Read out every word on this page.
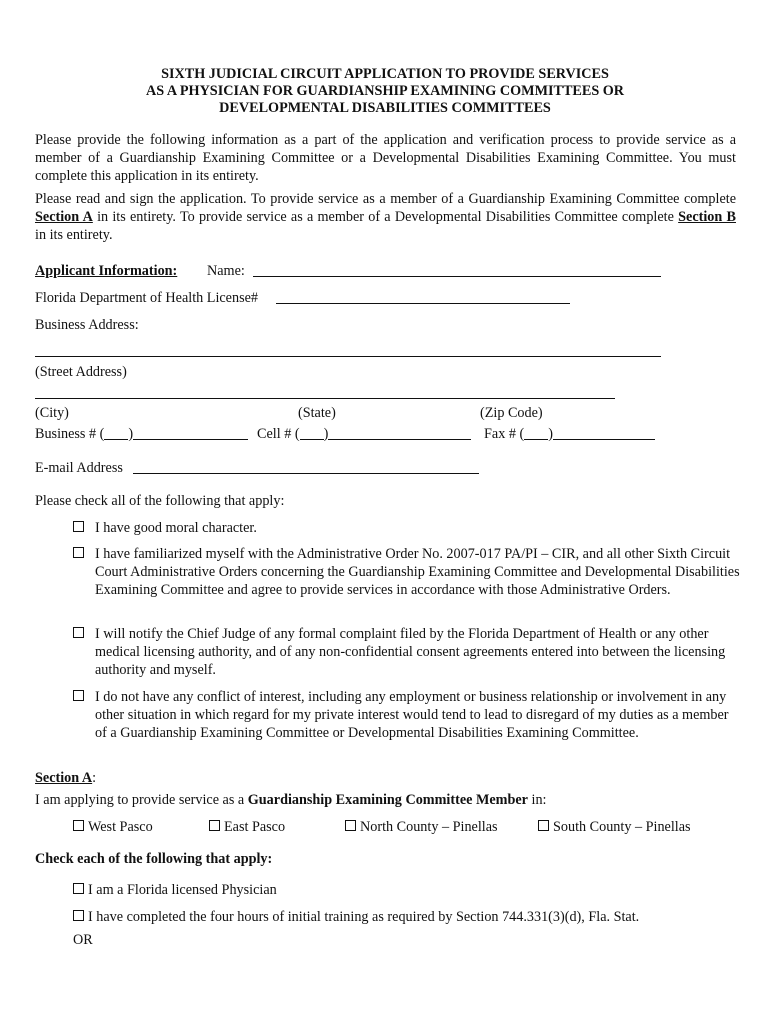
SIXTH JUDICIAL CIRCUIT APPLICATION TO PROVIDE SERVICES
AS A PHYSICIAN FOR GUARDIANSHIP EXAMINING COMMITTEES OR
DEVELOPMENTAL DISABILITIES COMMITTEES
Please provide the following information as a part of the application and verification process to provide service as a member of a Guardianship Examining Committee or a Developmental Disabilities Examining Committee. You must complete this application in its entirety.
Please read and sign the application. To provide service as a member of a Guardianship Examining Committee complete Section A in its entirety. To provide service as a member of a Developmental Disabilities Committee complete Section B in its entirety.
Applicant Information: Name:
Florida Department of Health License#
Business Address:
(Street Address)
(City)	(State)	(Zip Code)
Business # ( )	Cell # ( )	Fax # ( )
E-mail Address
Please check all of the following that apply:
I have good moral character.
I have familiarized myself with the Administrative Order No. 2007-017 PA/PI – CIR, and all other Sixth Circuit Court Administrative Orders concerning the Guardianship Examining Committee and Developmental Disabilities Examining Committee and agree to provide services in accordance with those Administrative Orders.
I will notify the Chief Judge of any formal complaint filed by the Florida Department of Health or any other medical licensing authority, and of any non-confidential consent agreements entered into between the licensing authority and myself.
I do not have any conflict of interest, including any employment or business relationship or involvement in any other situation in which regard for my private interest would tend to lead to disregard of my duties as a member of a Guardianship Examining Committee or Developmental Disabilities Examining Committee.
Section A:
I am applying to provide service as a Guardianship Examining Committee Member in:
West Pasco	East Pasco	North County – Pinellas	South County – Pinellas
Check each of the following that apply:
I am a Florida licensed Physician
I have completed the four hours of initial training as required by Section 744.331(3)(d), Fla. Stat.
OR
